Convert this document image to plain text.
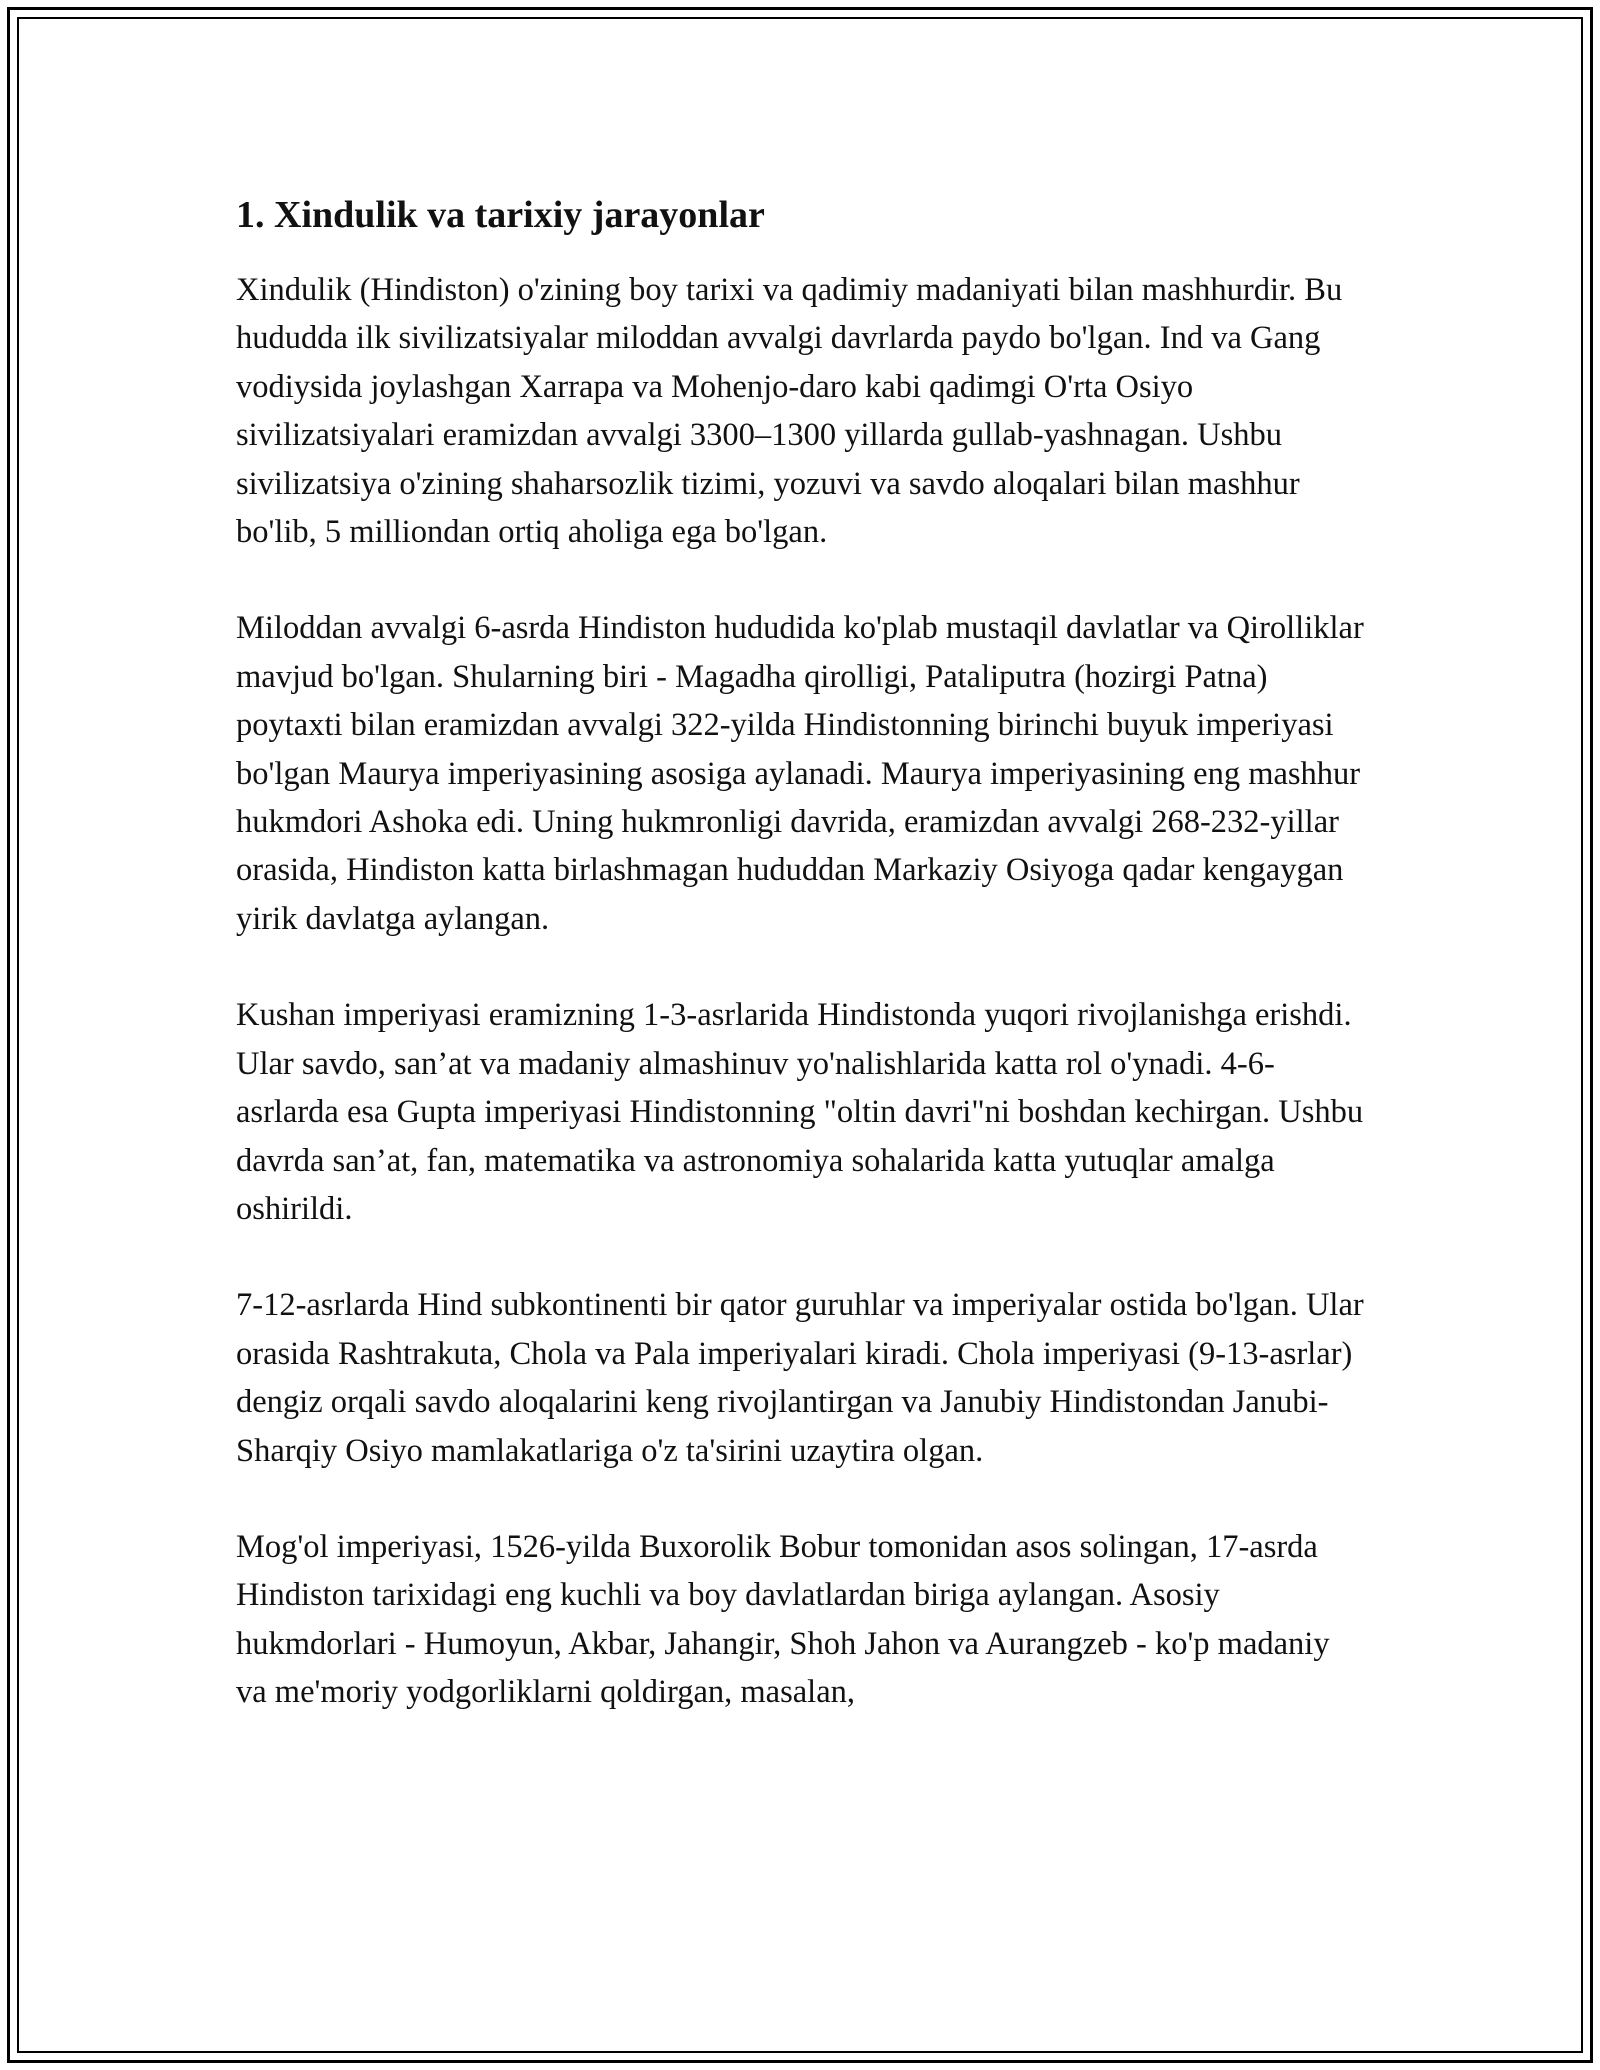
1. Xindulik va tarixiy jarayonlar

Xindulik (Hindiston) o'zining boy tarixi va qadimiy madaniyati bilan mashhurdir. Bu hududda ilk sivilizatsiyalar miloddan avvalgi davrlarda paydo bo'lgan. Ind va Gang vodiysida joylashgan Xarrapa va Mohenjo-daro kabi qadimgi O'rta Osiyo sivilizatsiyalari eramizdan avvalgi 3300–1300 yillarda gullab-yashnagan. Ushbu sivilizatsiya o'zining shaharsozlik tizimi, yozuvi va savdo aloqalari bilan mashhur bo'lib, 5 milliondan ortiq aholiga ega bo'lgan.

Miloddan avvalgi 6-asrda Hindiston hududida ko'plab mustaqil davlatlar va Qirolliklar mavjud bo'lgan. Shularning biri - Magadha qirolligi, Pataliputra (hozirgi Patna) poytaxti bilan eramizdan avvalgi 322-yilda Hindistonning birinchi buyuk imperiyasi bo'lgan Maurya imperiyasining asosiga aylanadi. Maurya imperiyasining eng mashhur hukmdori Ashoka edi. Uning hukmronligi davrida, eramizdan avvalgi 268-232-yillar orasida, Hindiston katta birlashmagan hududdan Markaziy Osiyoga qadar kengaygan yirik davlatga aylangan.

Kushan imperiyasi eramizning 1-3-asrlarida Hindistonda yuqori rivojlanishga erishdi. Ular savdo, san’at va madaniy almashinuv yo'nalishlarida katta rol o'ynadi. 4-6-asrlarda esa Gupta imperiyasi Hindistonning "oltin davri"ni boshdan kechirgan. Ushbu davrda san’at, fan, matematika va astronomiya sohalarida katta yutuqlar amalga oshirildi.

7-12-asrlarda Hind subkontinenti bir qator guruhlar va imperiyalar ostida bo'lgan. Ular orasida Rashtrakuta, Chola va Pala imperiyalari kiradi. Chola imperiyasi (9-13-asrlar) dengiz orqali savdo aloqalarini keng rivojlantirgan va Janubiy Hindistondan Janubi-Sharqiy Osiyo mamlakatlariga o'z ta'sirini uzaytira olgan.

Mog'ol imperiyasi, 1526-yilda Buxorolik Bobur tomonidan asos solingan, 17-asrda Hindiston tarixidagi eng kuchli va boy davlatlardan biriga aylangan. Asosiy hukmdorlari - Humoyun, Akbar, Jahangir, Shoh Jahon va Aurangzeb - ko'p madaniy va me'moriy yodgorliklarni qoldirgan, masalan,
